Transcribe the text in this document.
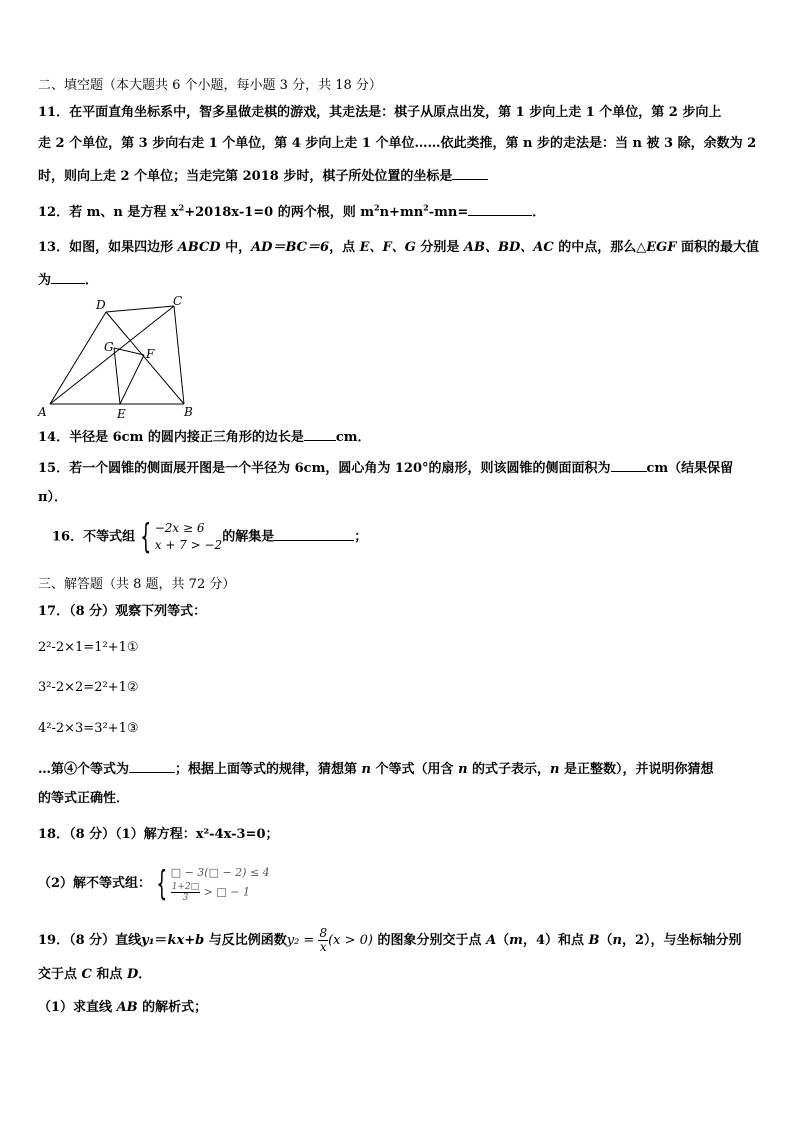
二、填空题（本大题共 6 个小题，每小题 3 分，共 18 分）
11．在平面直角坐标系中，智多星做走棋的游戏，其走法是：棋子从原点出发，第 1 步向上走 1 个单位，第 2 步向上
走 2 个单位，第 3 步向右走 1 个单位，第 4 步向上走 1 个单位……依此类推，第 n 步的走法是：当 n 被 3 除，余数为 2
时，则向上走 2 个单位；当走完第 2018 步时，棋子所处位置的坐标是
12．若 m、n 是方程 $x^2+2018x-1=0$ 的两个根，则 $m^2n+mn^2-mn=$	．
13．如图，如果四边形 ABCD 中，AD＝BC＝6，点 E、F、G 分别是 AB、BD、AC 的中点，那么△EGF 面积的最大值
为	．
A	B
C
D
E
F
G
14．半径是 6cm 的圆内接正三角形的边长是 cm．
15．若一个圆锥的侧面展开图是一个半径为 6cm，圆心角为 120°的扇形，则该圆锥的侧面面积为	cm（结果保留
π）．
16．不等式组 { −2x ≥ 6
x + 7 > −2
的解集是	；
三、解答题（共 8 题，共 72 分）
17．（8 分）观察下列等式：
2²-2×1=1²+1①
3²-2×2=2²+1②
4²-2×3=3²+1③
…第④个等式为	；根据上面等式的规律，猜想第 n 个等式（用含 n 的式子表示，n 是正整数），并说明你猜想
的等式正确性．
18．（8 分）（1）解方程：x²-4x-3=0；
（2）解不等式组： { □ − 3(□ − 2) ≤ 4
$\frac{1+2□}{3}$ > □ − 1
19．（8 分）直线y₁＝kx+b 与反比例函数$y_2 = \frac{8}{x} (x > 0)$ 的图象分别交于点 A（m，4）和点 B（n，2），与坐标轴分别
交于点 C 和点 D．
（1）求直线 AB 的解析式；
